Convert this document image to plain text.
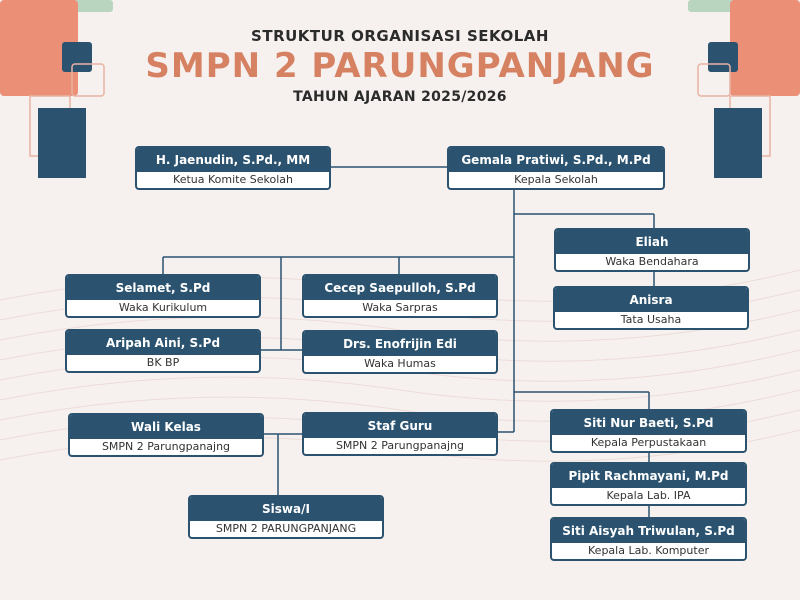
STRUKTUR ORGANISASI SEKOLAH
SMPN 2 PARUNGPANJANG
TAHUN AJARAN 2025/2026
H. Jaenudin, S.Pd., MM
Ketua Komite Sekolah
Gemala Pratiwi, S.Pd., M.Pd
Kepala Sekolah
Eliah
Waka Bendahara
Anisra
Tata Usaha
Selamet, S.Pd
Waka Kurikulum
Cecep Saepulloh, S.Pd
Waka Sarpras
Aripah Aini, S.Pd
BK BP
Drs. Enofrijin Edi
Waka Humas
Wali Kelas
SMPN 2 Parungpanajng
Staf Guru
SMPN 2 Parungpanajng
Siswa/I
SMPN 2 PARUNGPANJANG
Siti Nur Baeti, S.Pd
Kepala Perpustakaan
Pipit Rachmayani, M.Pd
Kepala Lab. IPA
Siti Aisyah Triwulan, S.Pd
Kepala Lab. Komputer
